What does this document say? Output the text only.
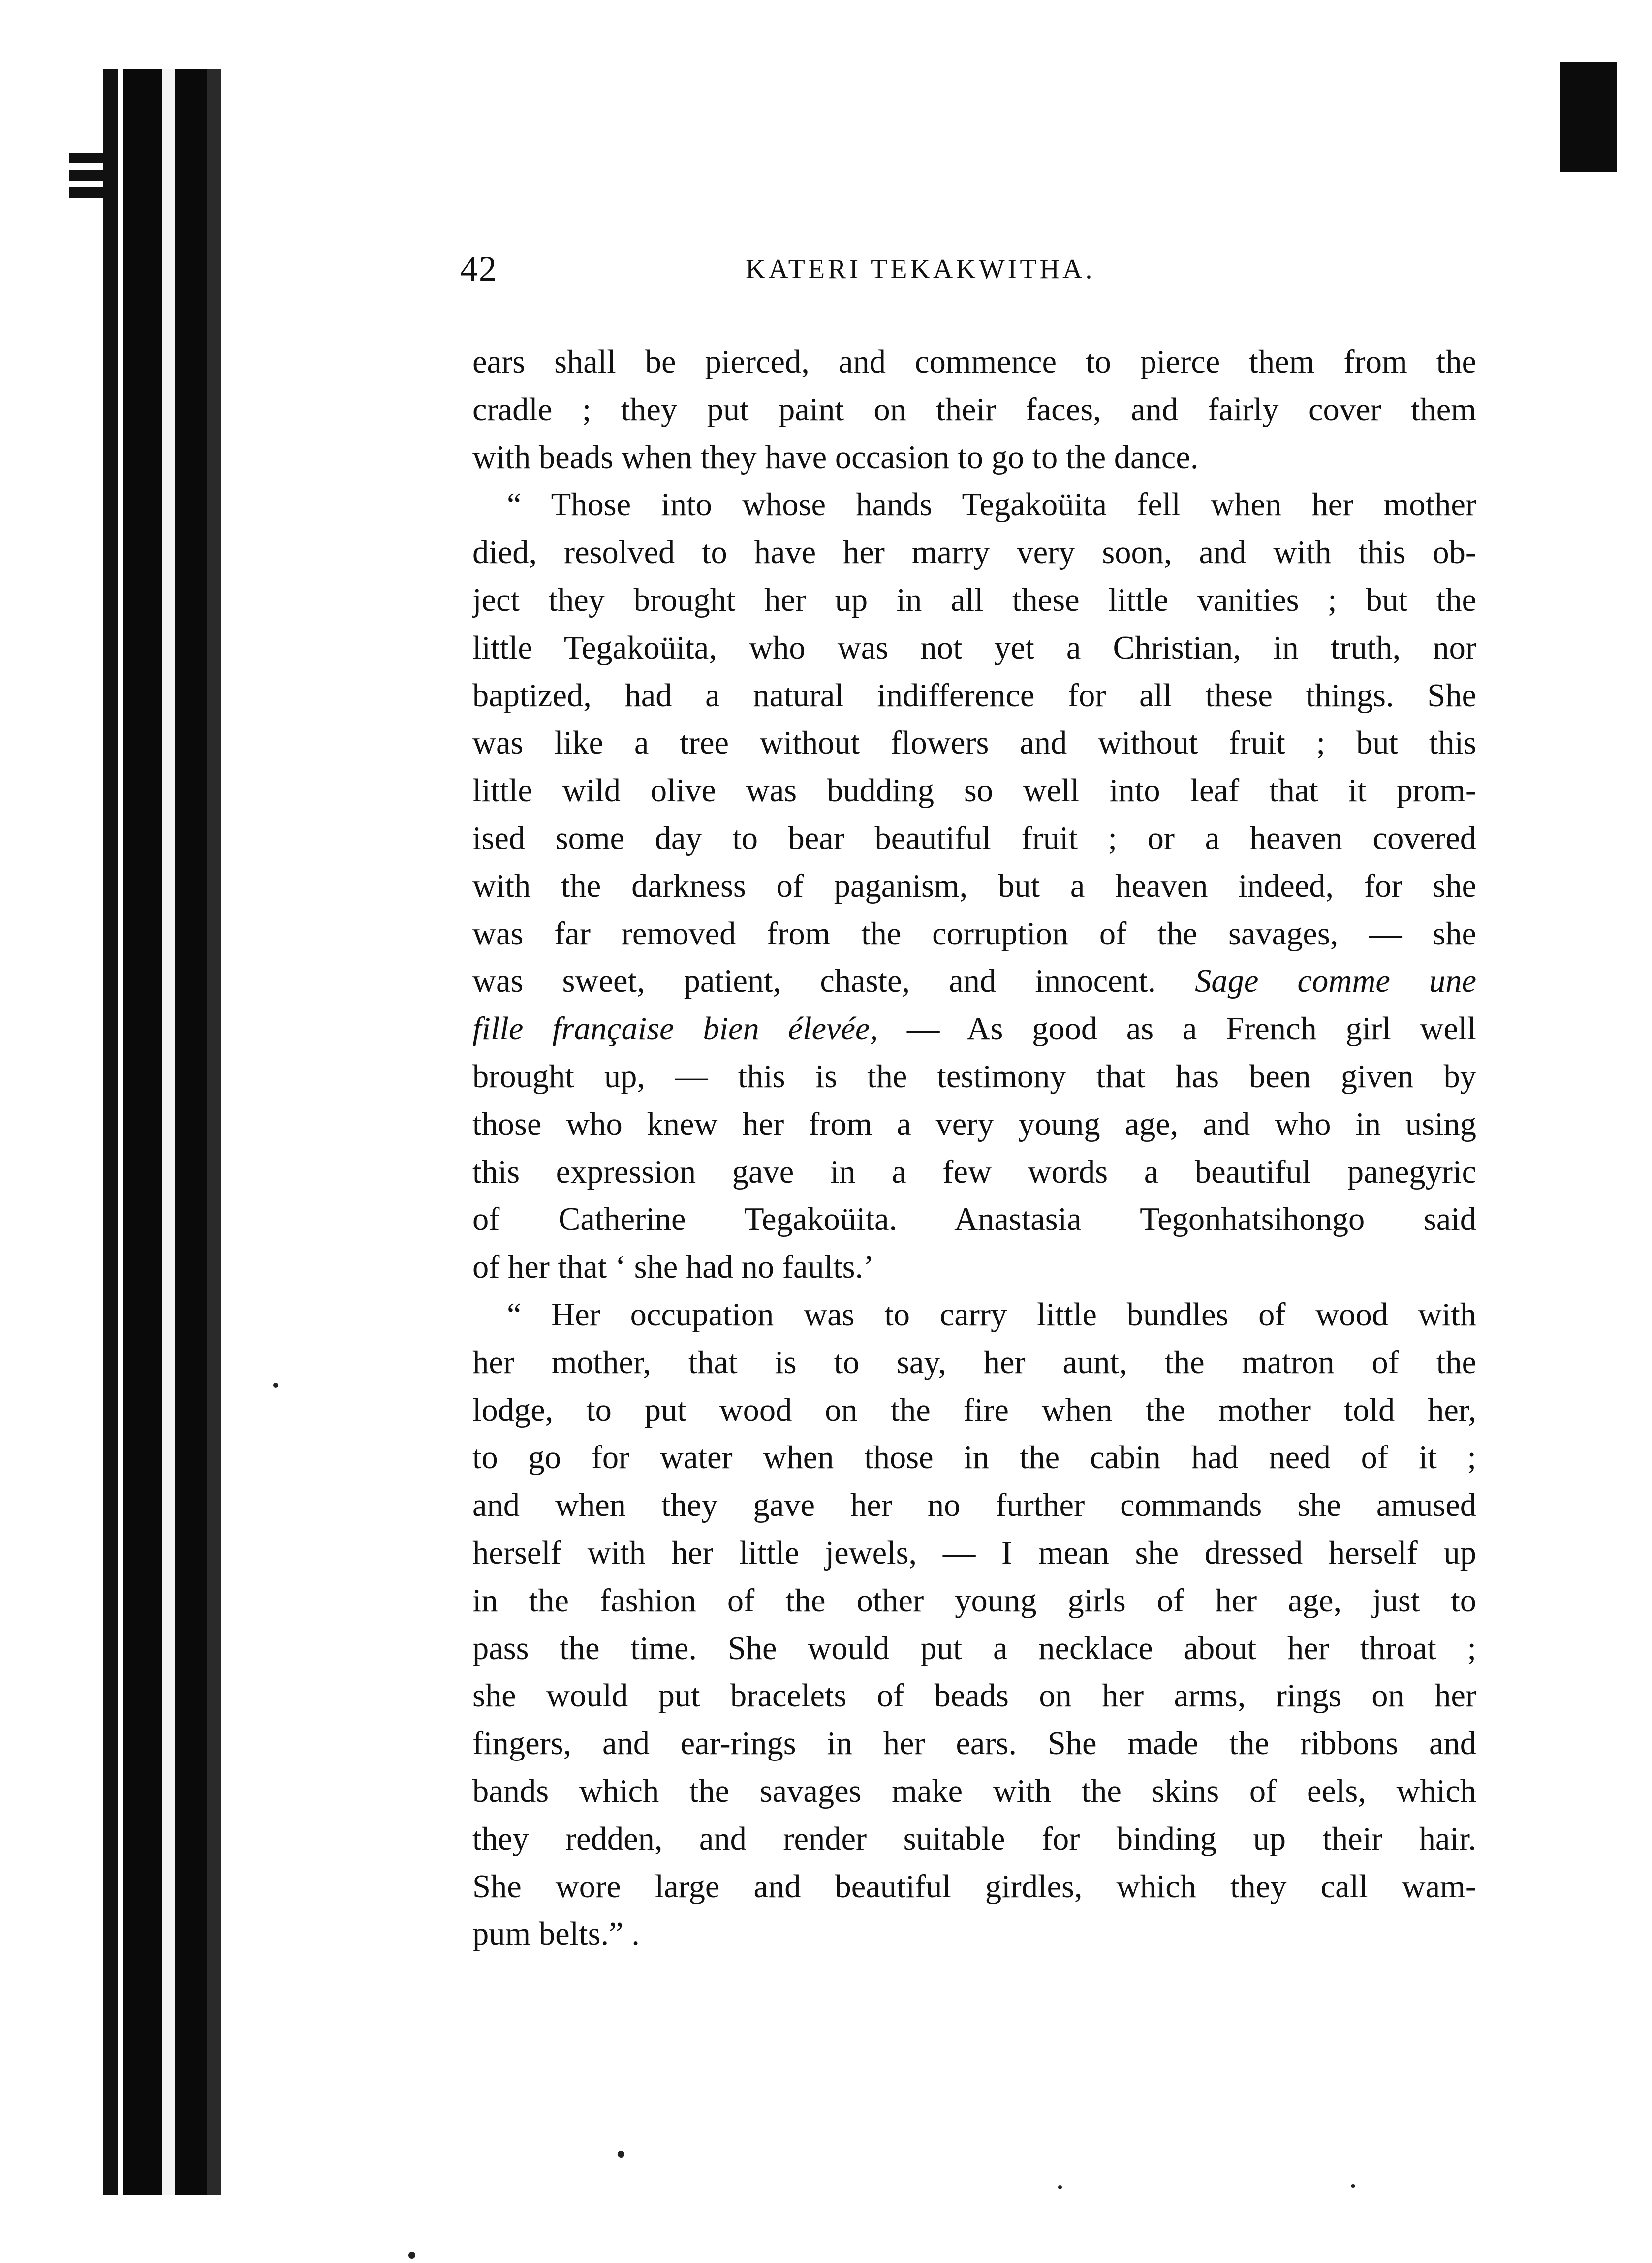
42	KATERI TEKAKWITHA.
ears shall be pierced, and commence to pierce them from the
cradle ; they put paint on their faces, and fairly cover them
with beads when they have occasion to go to the dance.
“ Those into whose hands Tegakoüita fell when her mother
died, resolved to have her marry very soon, and with this ob-
ject they brought her up in all these little vanities ; but the
little Tegakoüita, who was not yet a Christian, in truth, nor
baptized, had a natural indifference for all these things. She
was like a tree without flowers and without fruit ; but this
little wild olive was budding so well into leaf that it prom-
ised some day to bear beautiful fruit ; or a heaven covered
with the darkness of paganism, but a heaven indeed, for she
was far removed from the corruption of the savages, — she
was sweet, patient, chaste, and innocent. Sage comme une
fille française bien élevée, — As good as a French girl well
brought up, — this is the testimony that has been given by
those who knew her from a very young age, and who in using
this expression gave in a few words a beautiful panegyric
of Catherine Tegakoüita. Anastasia Tegonhatsihongo said
of her that ‘ she had no faults.’
“ Her occupation was to carry little bundles of wood with
her mother, that is to say, her aunt, the matron of the
lodge, to put wood on the fire when the mother told her,
to go for water when those in the cabin had need of it ;
and when they gave her no further commands she amused
herself with her little jewels, — I mean she dressed herself up
in the fashion of the other young girls of her age, just to
pass the time. She would put a necklace about her throat ;
she would put bracelets of beads on her arms, rings on her
fingers, and ear-rings in her ears. She made the ribbons and
bands which the savages make with the skins of eels, which
they redden, and render suitable for binding up their hair.
She wore large and beautiful girdles, which they call wam-
pum belts.” .
